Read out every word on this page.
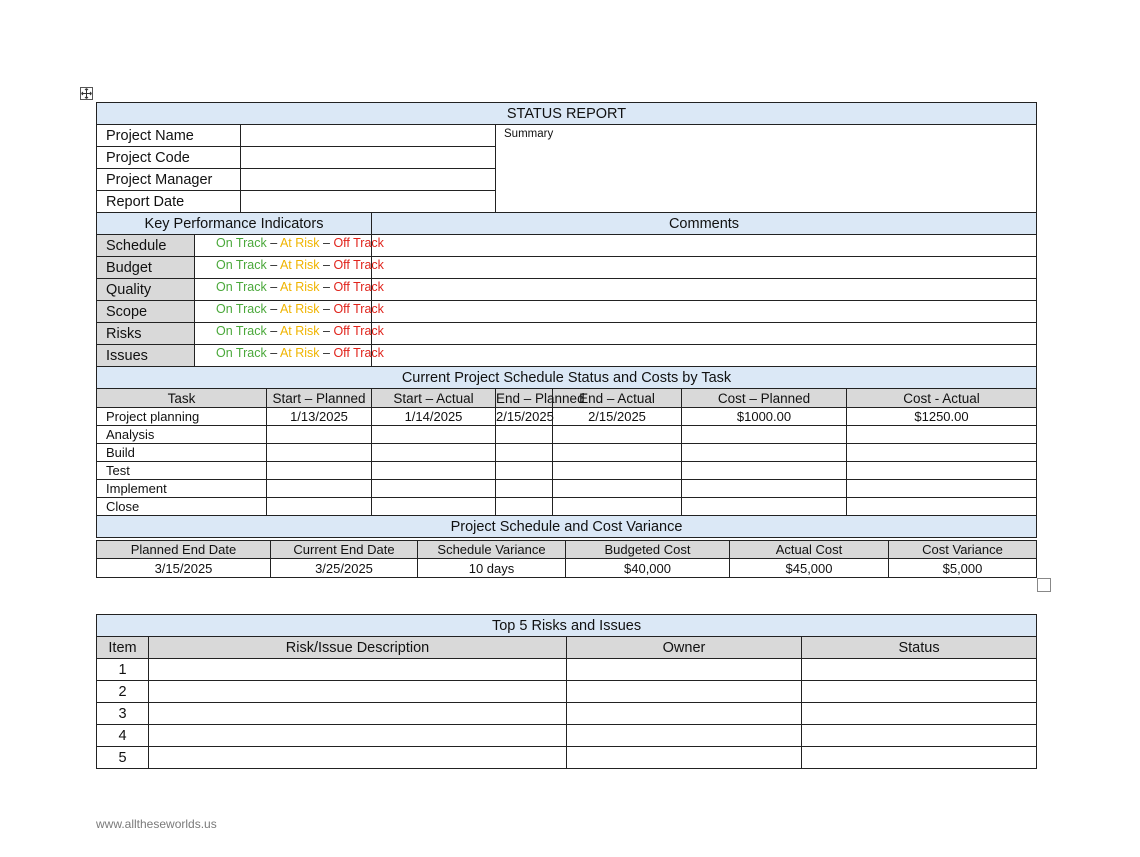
STATUS REPORT								
Project Name					Summary			
Project Code								
Project Manager								
Report Date								
Key Performance Indicators				Comments				
Schedule	On Track – At Risk – Off Track							
Budget	On Track – At Risk – Off Track							
Quality	On Track – At Risk – Off Track							
Scope	On Track – At Risk – Off Track							
Risks	On Track – At Risk – Off Track							
Issues	On Track – At Risk – Off Track							
Current Project Schedule Status and Costs by Task								
Task			Start – Planned	Start – Actual	End – Planned	End – Actual	Cost – Planned	Cost - Actual
Project planning			1/13/2025	1/14/2025	2/15/2025	2/15/2025	$1000.00	$1250.00
Analysis								
Build								
Test								
Implement								
Close								
Project Schedule and Cost Variance								
Planned End Date	Current End Date	Schedule Variance	Budgeted Cost	Actual Cost	Cost Variance
3/15/2025	3/25/2025	10 days	$40,000	$45,000	$5,000
Top 5 Risks and Issues			
Item	Risk/Issue Description	Owner	Status
1			
2			
3			
4			
5			
www.alltheseworlds.us
